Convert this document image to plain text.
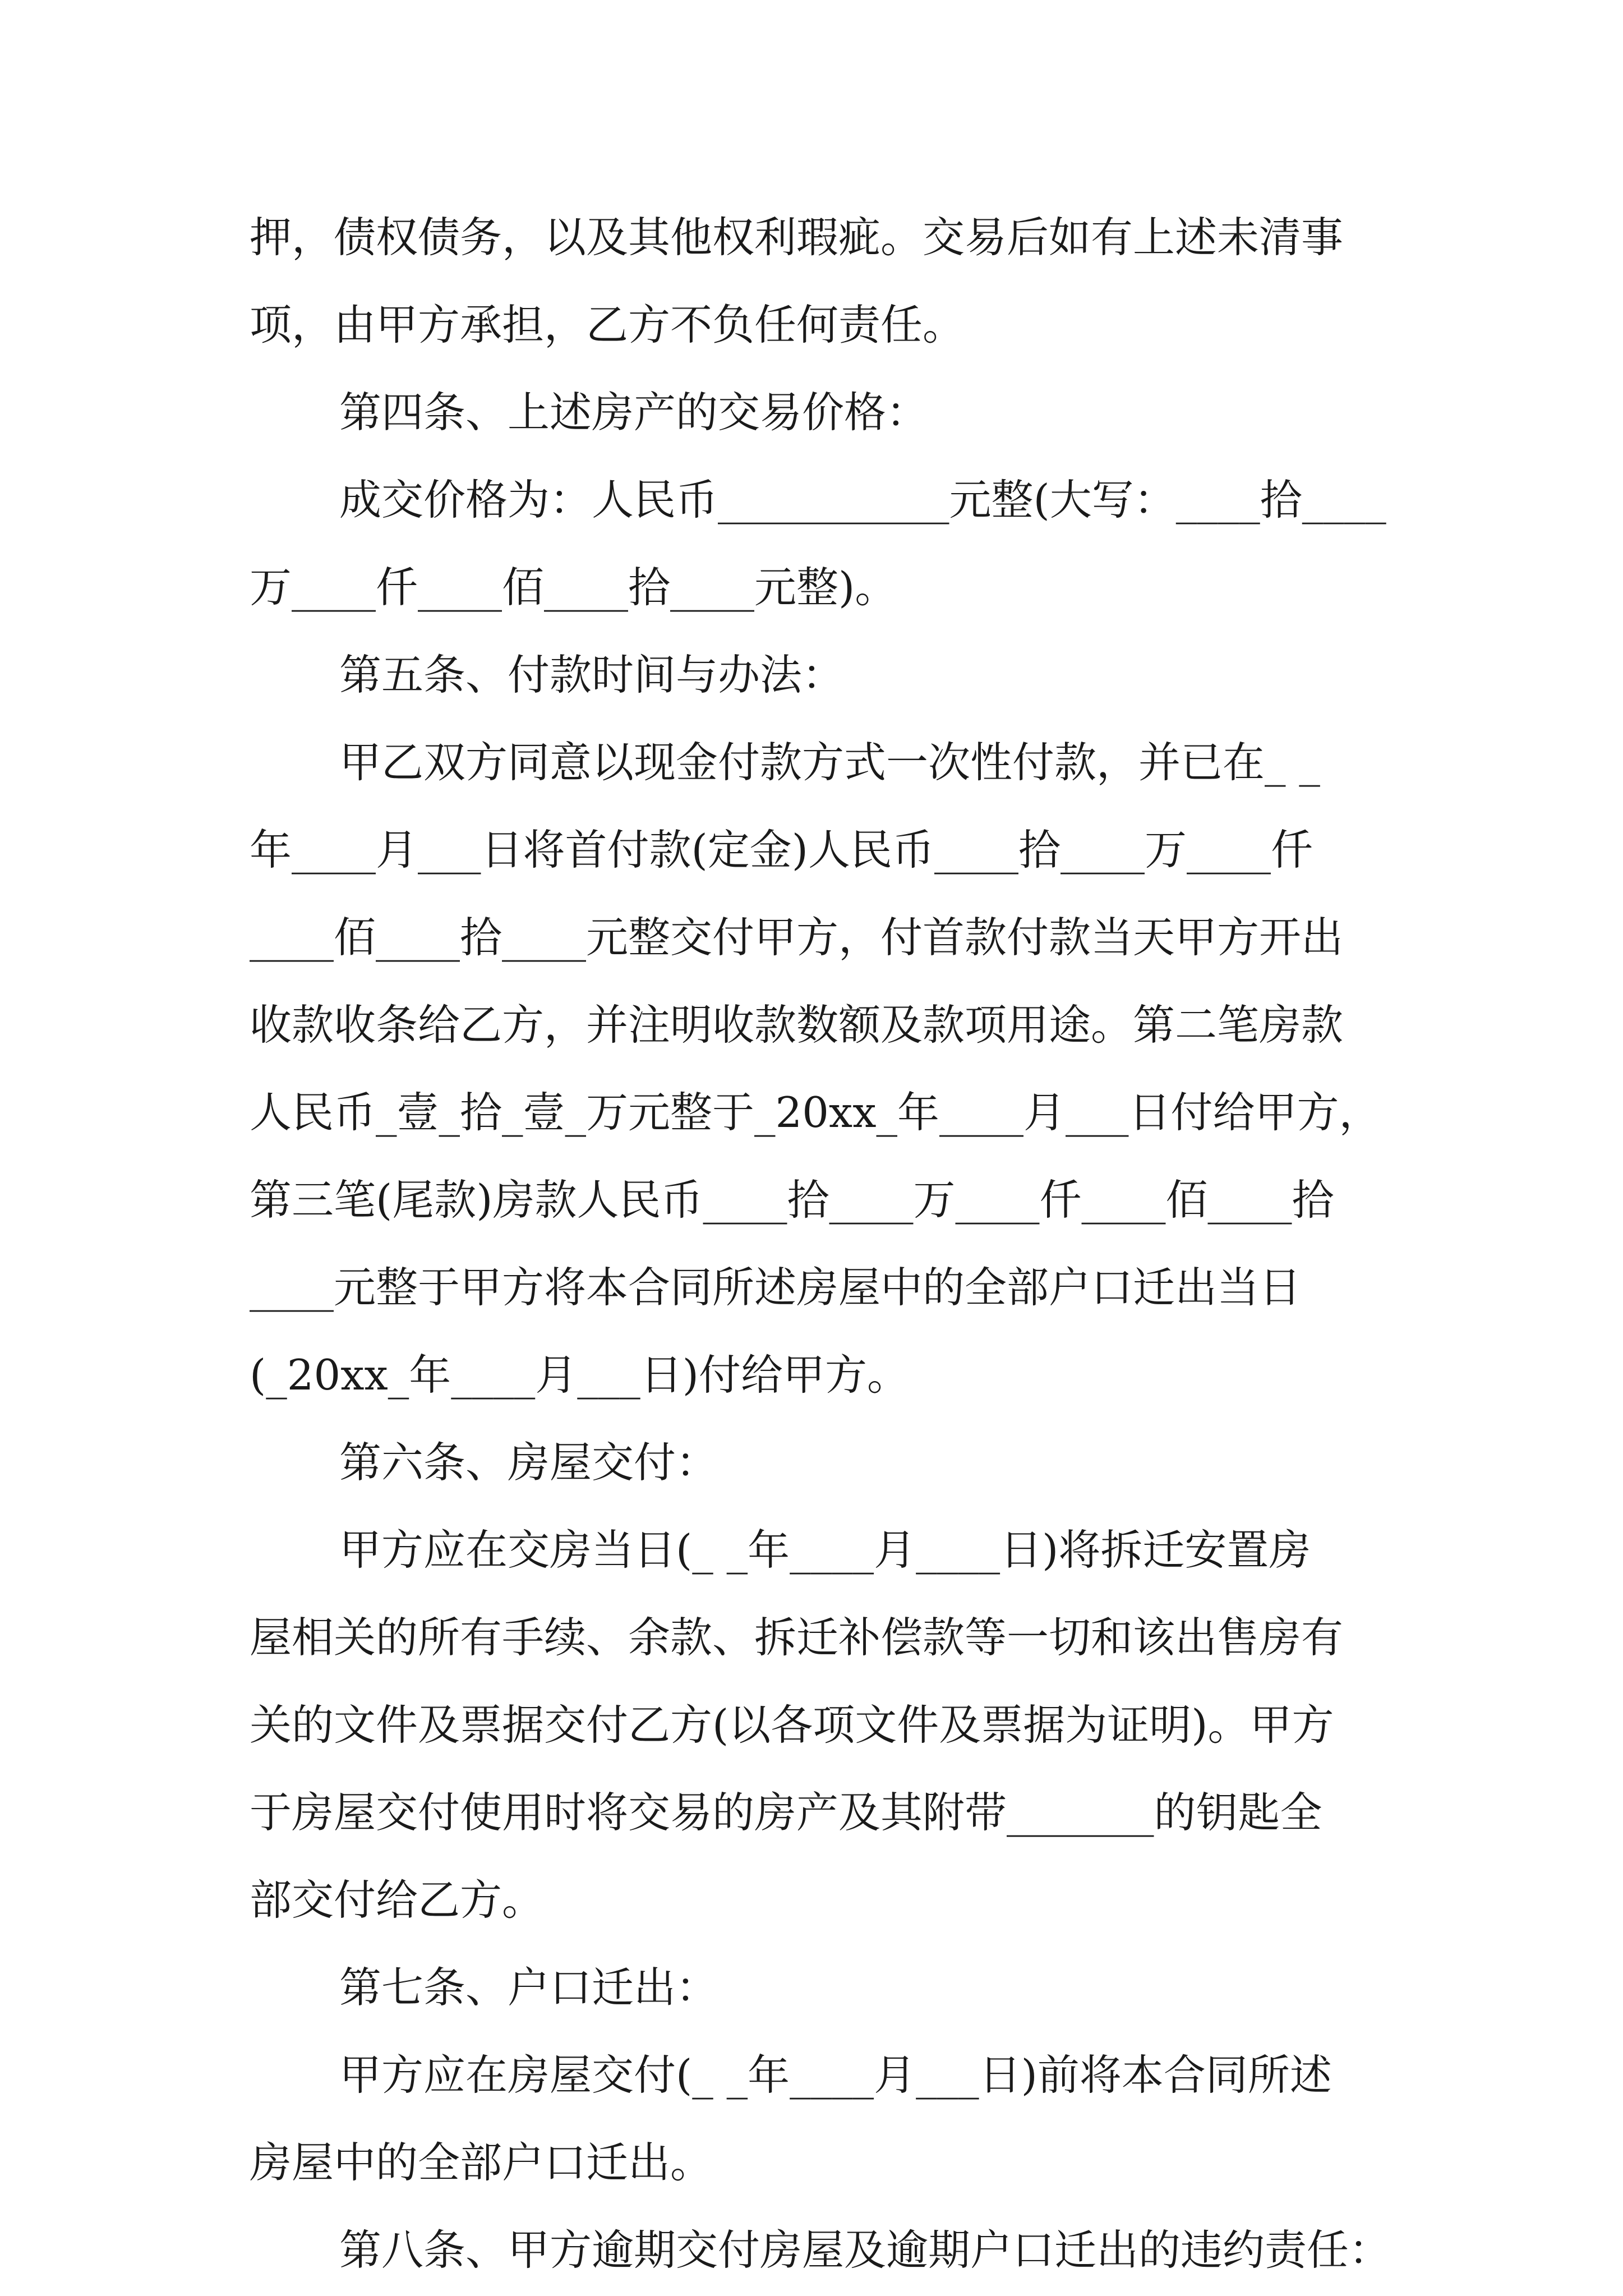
押，债权债务，以及其他权利瑕疵。交易后如有上述未清事

项，由甲方承担，乙方不负任何责任。

第四条、上述房产的交易价格：

成交价格为：人民币___________元整(大写：____拾____

万____仟____佰____拾____元整)。

第五条、付款时间与办法：

甲乙双方同意以现金付款方式一次性付款，并已在_ _

年____月___日将首付款(定金)人民币____拾____万____仟

____佰____拾____元整交付甲方，付首款付款当天甲方开出

收款收条给乙方，并注明收款数额及款项用途。第二笔房款

人民币_壹_拾_壹_万元整于_20xx_年____月___日付给甲方，

第三笔(尾款)房款人民币____拾____万____仟____佰____拾

____元整于甲方将本合同所述房屋中的全部户口迁出当日

(_20xx_年____月___日)付给甲方。

第六条、房屋交付：

甲方应在交房当日(_ _年____月____日)将拆迁安置房

屋相关的所有手续、余款、拆迁补偿款等一切和该出售房有

关的文件及票据交付乙方(以各项文件及票据为证明)。甲方

于房屋交付使用时将交易的房产及其附带_______的钥匙全

部交付给乙方。

第七条、户口迁出：

甲方应在房屋交付(_ _年____月___日)前将本合同所述

房屋中的全部户口迁出。

第八条、甲方逾期交付房屋及逾期户口迁出的违约责任：
